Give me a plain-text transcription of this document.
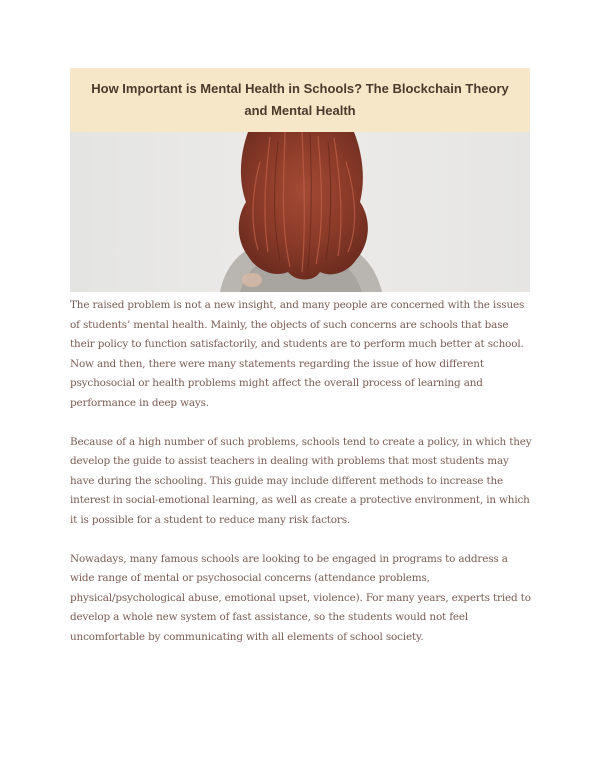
How Important is Mental Health in Schools? The Blockchain Theory and Mental Health

The raised problem is not a new insight, and many people are concerned with the issues of students’ mental health. Mainly, the objects of such concerns are schools that base their policy to function satisfactorily, and students are to perform much better at school. Now and then, there were many statements regarding the issue of how different psychosocial or health problems might affect the overall process of learning and performance in deep ways.

Because of a high number of such problems, schools tend to create a policy, in which they develop the guide to assist teachers in dealing with problems that most students may have during the schooling. This guide may include different methods to increase the interest in social-emotional learning, as well as create a protective environment, in which it is possible for a student to reduce many risk factors.

Nowadays, many famous schools are looking to be engaged in programs to address a wide range of mental or psychosocial concerns (attendance problems, physical/psychological abuse, emotional upset, violence). For many years, experts tried to develop a whole new system of fast assistance, so the students would not feel uncomfortable by communicating with all elements of school society.
